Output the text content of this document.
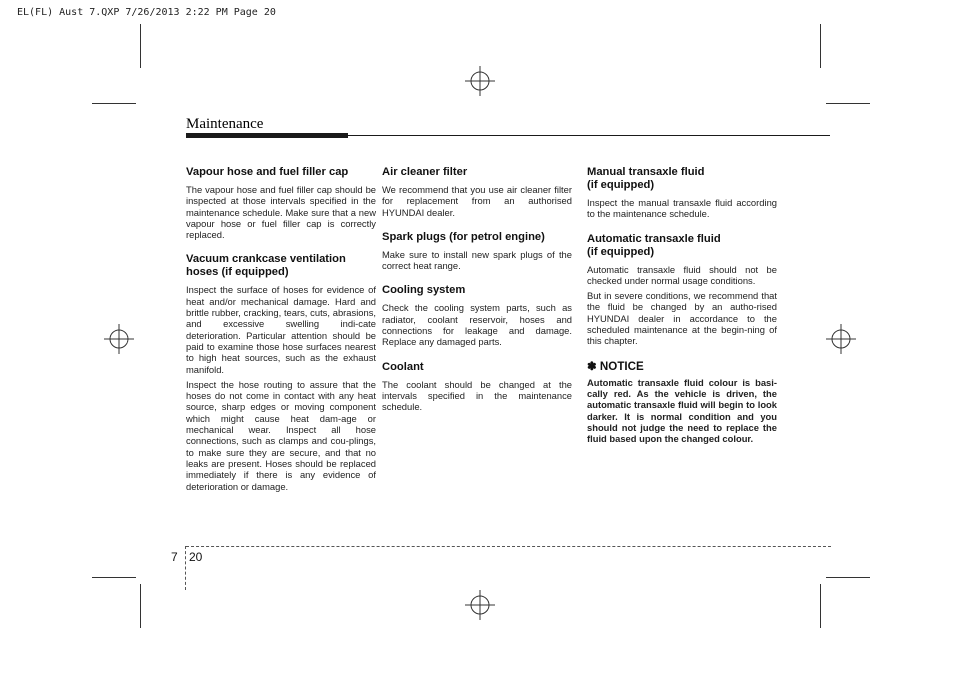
EL(FL) Aust 7.QXP 7/26/2013 2:22 PM Page 20
Maintenance
Vapour hose and fuel filler cap

The vapour hose and fuel filler cap should be inspected at those intervals specified in the maintenance schedule. Make sure that a new vapour hose or fuel filler cap is correctly replaced.

Vacuum crankcase ventilation
hoses (if equipped)

Inspect the surface of hoses for evidence of heat and/or mechanical damage. Hard and brittle rubber, cracking, tears, cuts, abrasions, and excessive swelling indi-cate deterioration. Particular attention should be paid to examine those hose surfaces nearest to high heat sources, such as the exhaust manifold.

Inspect the hose routing to assure that the hoses do not come in contact with any heat source, sharp edges or moving component which might cause heat dam-age or mechanical wear. Inspect all hose connections, such as clamps and cou-plings, to make sure they are secure, and that no leaks are present. Hoses should be replaced immediately if there is any evidence of deterioration or damage.

Air cleaner filter

We recommend that you use air cleaner filter for replacement from an authorised HYUNDAI dealer.

Spark plugs (for petrol engine)

Make sure to install new spark plugs of the correct heat range.

Cooling system

Check the cooling system parts, such as radiator, coolant reservoir, hoses and connections for leakage and damage. Replace any damaged parts.

Coolant

The coolant should be changed at the intervals specified in the maintenance schedule.

Manual transaxle fluid
(if equipped)

Inspect the manual transaxle fluid according to the maintenance schedule.

Automatic transaxle fluid
(if equipped)

Automatic transaxle fluid should not be checked under normal usage conditions.

But in severe conditions, we recommend that the fluid be changed by an autho-rised HYUNDAI dealer in accordance to the scheduled maintenance at the begin-ning of this chapter.

✽ NOTICE

Automatic transaxle fluid colour is basi-cally red. As the vehicle is driven, the automatic transaxle fluid will begin to look darker. It is normal condition and you should not judge the need to replace the fluid based upon the changed colour.

7 20
